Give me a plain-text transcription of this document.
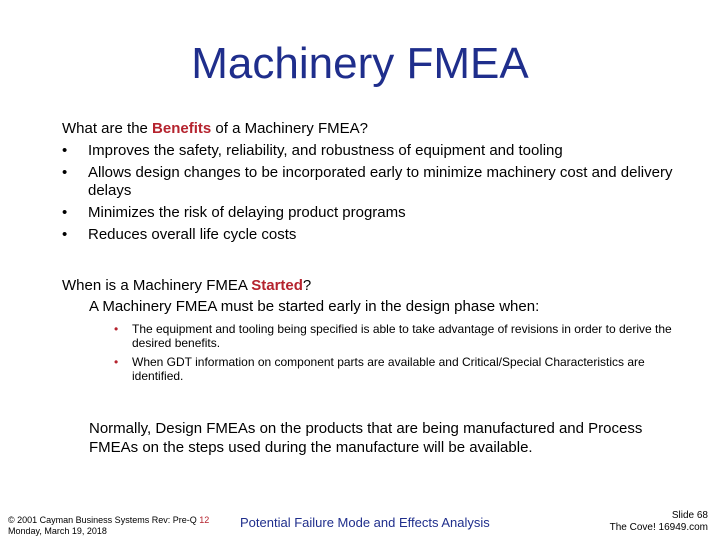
Machinery FMEA
What are the Benefits of a Machinery FMEA?
• Improves the safety, reliability, and robustness of equipment and tooling
• Allows design changes to be incorporated early to minimize machinery cost and delivery delays
• Minimizes the risk of delaying product programs
• Reduces overall life cycle costs
When is a Machinery FMEA Started?
A Machinery FMEA must be started early in the design phase when:
• The equipment and tooling being specified is able to take advantage of revisions in order to derive the desired benefits.
• When GDT information on component parts are available and Critical/Special Characteristics are identified.
Normally, Design FMEAs on the products that are being manufactured and Process FMEAs on the steps used during the manufacture will be available.
© 2001 Cayman Business Systems Rev: Pre-Q 12
Monday, March 19, 2018
Potential Failure Mode and Effects Analysis	Slide 68
The Cove! 16949.com
